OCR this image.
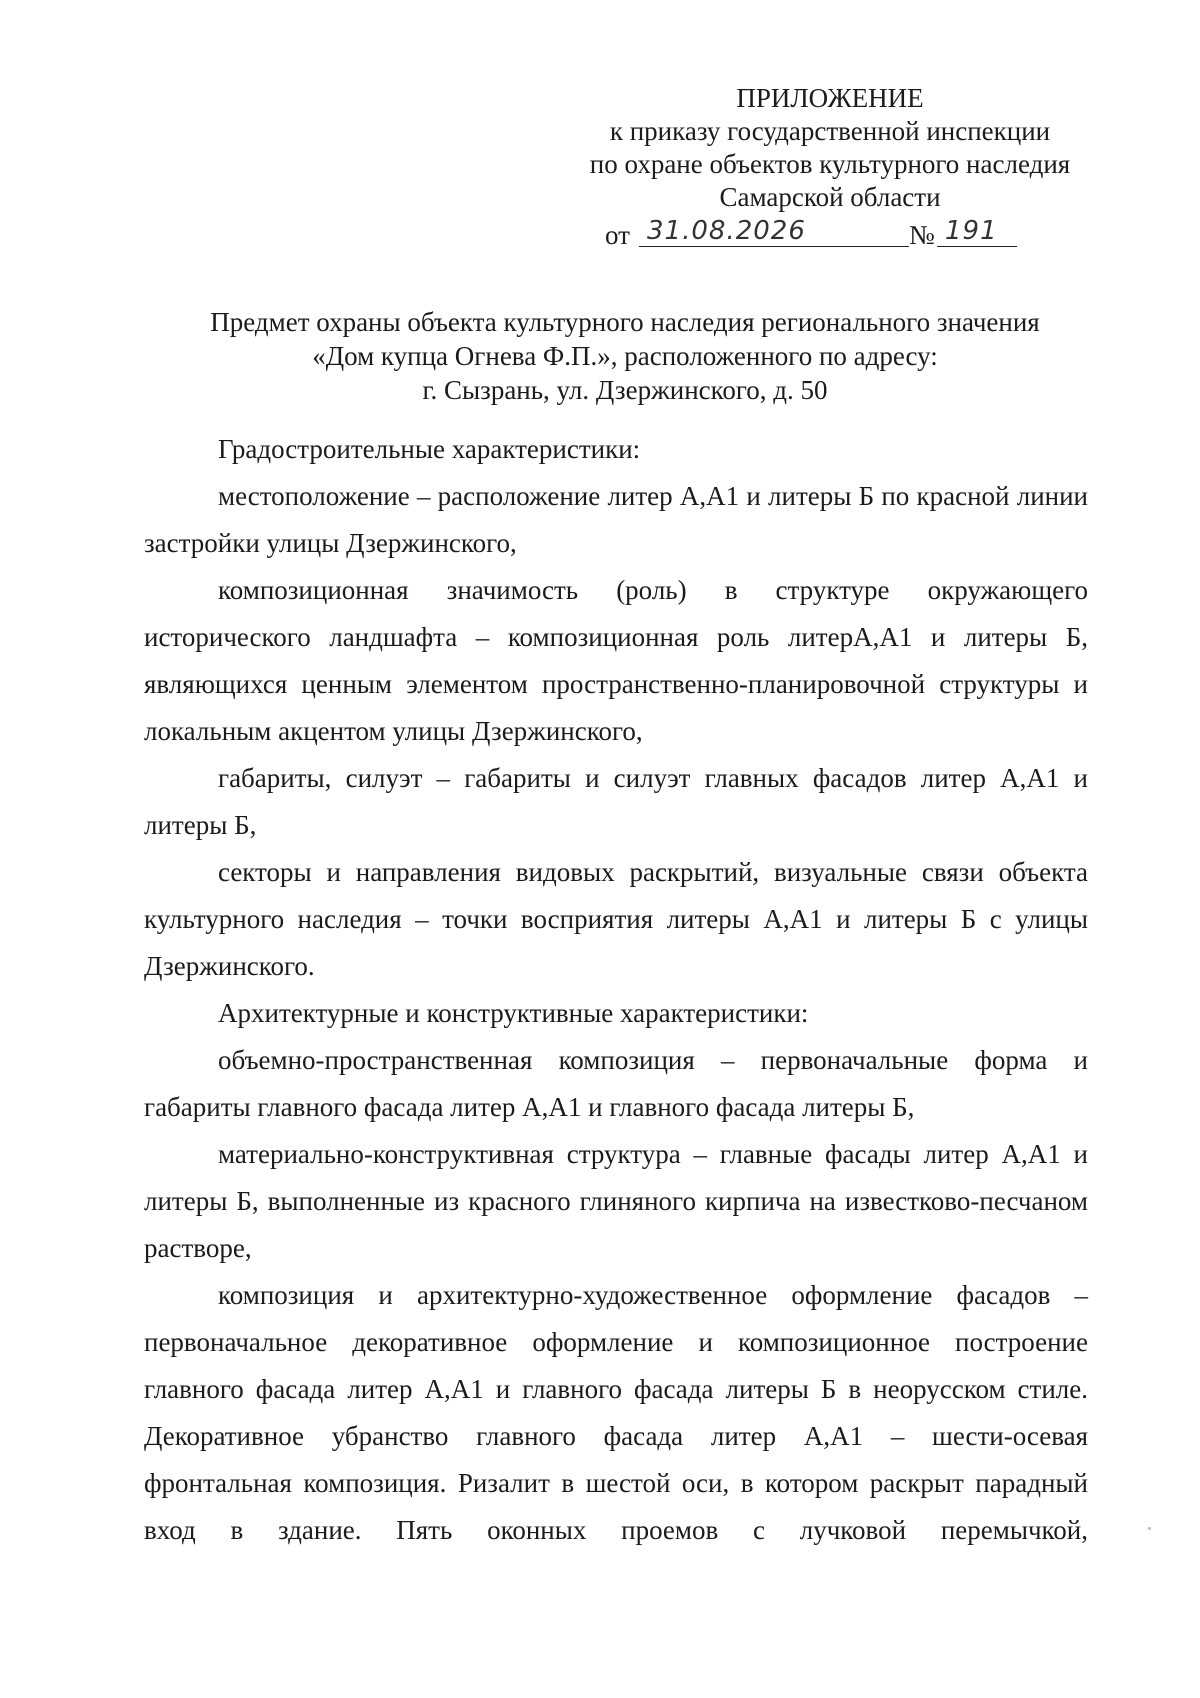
ПРИЛОЖЕНИЕ
к приказу государственной инспекции
по охране объектов культурного наследия
Самарской области
от 31.08.2026	№ 191
Предмет охраны объекта культурного наследия регионального значения
«Дом купца Огнева Ф.П.», расположенного по адресу:
г. Сызрань, ул. Дзержинского, д. 50

Градостроительные характеристики:

местоположение – расположение литер А,А1 и литеры Б по красной линии застройки улицы Дзержинского,

композиционная значимость (роль) в структуре окружающего исторического ландшафта – композиционная роль литерА,А1 и литеры Б, являющихся ценным элементом пространственно-планировочной структуры и локальным акцентом улицы Дзержинского,

габариты, силуэт – габариты и силуэт главных фасадов литер А,А1 и литеры Б,

секторы и направления видовых раскрытий, визуальные связи объекта культурного наследия – точки восприятия литеры А,А1 и литеры Б с улицы Дзержинского.

Архитектурные и конструктивные характеристики:

объемно-пространственная композиция – первоначальные форма и габариты главного фасада литер А,А1 и главного фасада литеры Б,

материально-конструктивная структура – главные фасады литер А,А1 и литеры Б, выполненные из красного глиняного кирпича на известково-песчаном растворе,

композиция и архитектурно-художественное оформление фасадов – первоначальное декоративное оформление и композиционное построение главного фасада литер А,А1 и главного фасада литеры Б в неорусском стиле. Декоративное убранство главного фасада литер А,А1 – шести-осевая фронтальная композиция. Ризалит в шестой оси, в котором раскрыт парадный вход в здание. Пять оконных проемов с лучковой перемычкой,
